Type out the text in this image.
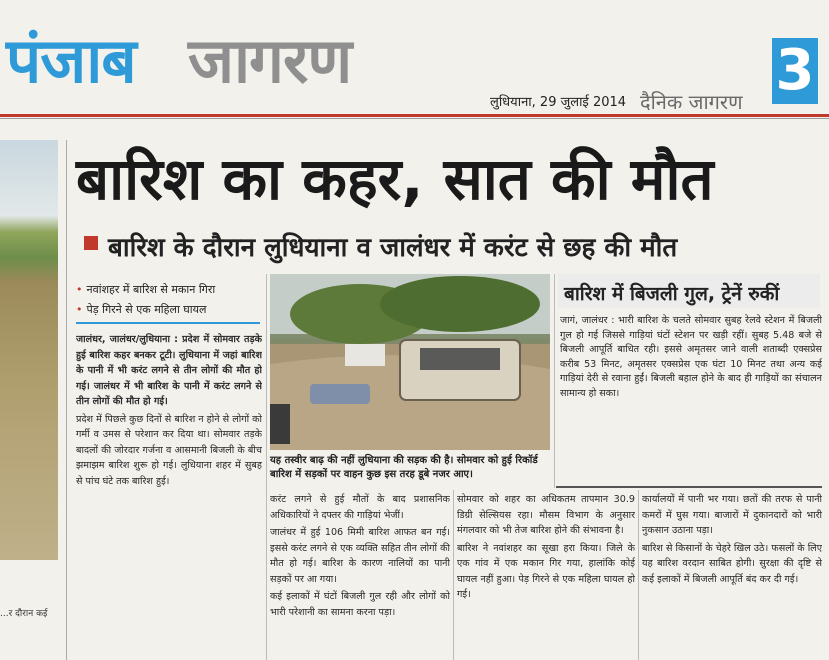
पंजाब जागरण
लुधियाना, 29 जुलाई 2014 दैनिक जागरण 3
...र दौरान कई
बारिश का कहर, सात की मौत
बारिश के दौरान लुधियाना व जालंधर में करंट से छह की मौत
• नवांशहर में बारिश से मकान गिरा
• पेड़ गिरने से एक महिला घायल

जालंधर, जालंधर/लुधियाना : प्रदेश में सोमवार तड़के हुई बारिश कहर बनकर टूटी। लुधियाना में जहां बारिश के पानी में भी करंट लगने से तीन लोगों की मौत हो गई। जालंधर में भी बारिश के पानी में करंट लगने से तीन लोगों की मौत हो गई।

प्रदेश में पिछले कुछ दिनों से बारिश न होने से लोगों को गर्मी व उमस से परेशान कर दिया था। सोमवार तड़के बादलों की जोरदार गर्जना व आसमानी बिजली के बीच झमाझम बारिश शुरू हो गई। लुधियाना शहर में सुबह से पांच घंटे तक बारिश हुई।

यह तस्वीर बाढ़ की नहीं लुधियाना की सड़क की है। सोमवार को हुई रिकॉर्ड बारिश में सड़कों पर वाहन कुछ इस तरह डूबे नजर आए।

करंट लगने से हुई मौतों के बाद प्रशासनिक अधिकारियों ने दफ्तर की गाड़ियां भेजीं।

जालंधर में हुई 106 मिमी बारिश आफत बन गई। इससे करंट लगने से एक व्यक्ति सहित तीन लोगों की मौत हो गई। बारिश के कारण नालियों का पानी सड़कों पर आ गया।

कई इलाकों में घंटों बिजली गुल रही और लोगों को भारी परेशानी का सामना करना पड़ा।

सोमवार को शहर का अधिकतम तापमान 30.9 डिग्री सेल्सियस रहा। मौसम विभाग के अनुसार मंगलवार को भी तेज बारिश होने की संभावना है।

बारिश ने नवांशहर का सूखा हरा किया। जिले के एक गांव में एक मकान गिर गया, हालांकि कोई घायल नहीं हुआ। पेड़ गिरने से एक महिला घायल हो गई।

कार्यालयों में पानी भर गया। छतों की तरफ से पानी कमरों में घुस गया। बाजारों में दुकानदारों को भारी नुकसान उठाना पड़ा।

बारिश से किसानों के चेहरे खिल उठे। फसलों के लिए यह बारिश वरदान साबित होगी। सुरक्षा की दृष्टि से कई इलाकों में बिजली आपूर्ति बंद कर दी गई।

बारिश में बिजली गुल, ट्रेनें रुकीं
जागं, जालंधर : भारी बारिश के चलते सोमवार सुबह रेलवे स्टेशन में बिजली गुल हो गई जिससे गाड़ियां घंटों स्टेशन पर खड़ी रहीं। सुबह 5.48 बजे से बिजली आपूर्ति बाधित रही। इससे अमृतसर जाने वाली शताब्दी एक्सप्रेस करीब 53 मिनट, अमृतसर एक्सप्रेस एक घंटा 10 मिनट तथा अन्य कई गाड़ियां देरी से रवाना हुईं। बिजली बहाल होने के बाद ही गाड़ियों का संचालन सामान्य हो सका।
